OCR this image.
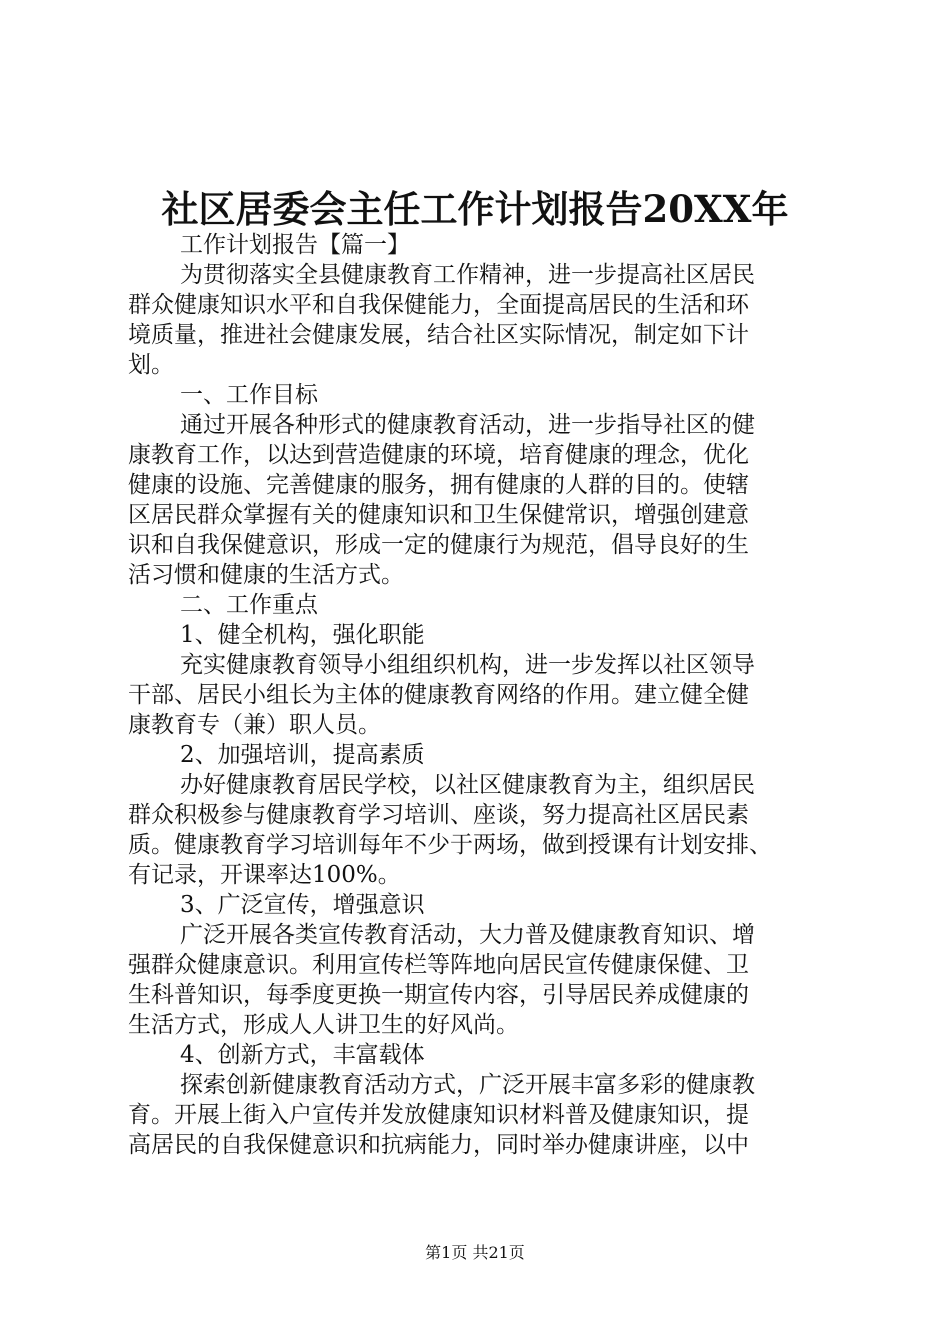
社区居委会主任工作计划报告20XX年
工作计划报告【篇一】
为贯彻落实全县健康教育工作精神，进一步提高社区居民
群众健康知识水平和自我保健能力，全面提高居民的生活和环
境质量，推进社会健康发展，结合社区实际情况，制定如下计
划。
一、工作目标
通过开展各种形式的健康教育活动，进一步指导社区的健
康教育工作，以达到营造健康的环境，培育健康的理念，优化
健康的设施、完善健康的服务，拥有健康的人群的目的。使辖
区居民群众掌握有关的健康知识和卫生保健常识，增强创建意
识和自我保健意识，形成一定的健康行为规范，倡导良好的生
活习惯和健康的生活方式。
二、工作重点
1、健全机构，强化职能
充实健康教育领导小组组织机构，进一步发挥以社区领导
干部、居民小组长为主体的健康教育网络的作用。建立健全健
康教育专（兼）职人员。
2、加强培训，提高素质
办好健康教育居民学校，以社区健康教育为主，组织居民
群众积极参与健康教育学习培训、座谈，努力提高社区居民素
质。健康教育学习培训每年不少于两场，做到授课有计划安排、
有记录，开课率达100%。
3、广泛宣传，增强意识
广泛开展各类宣传教育活动，大力普及健康教育知识、增
强群众健康意识。利用宣传栏等阵地向居民宣传健康保健、卫
生科普知识，每季度更换一期宣传内容，引导居民养成健康的
生活方式，形成人人讲卫生的好风尚。
4、创新方式，丰富载体
探索创新健康教育活动方式，广泛开展丰富多彩的健康教
育。开展上街入户宣传并发放健康知识材料普及健康知识，提
高居民的自我保健意识和抗病能力，同时举办健康讲座，以中
第1页 共21页
